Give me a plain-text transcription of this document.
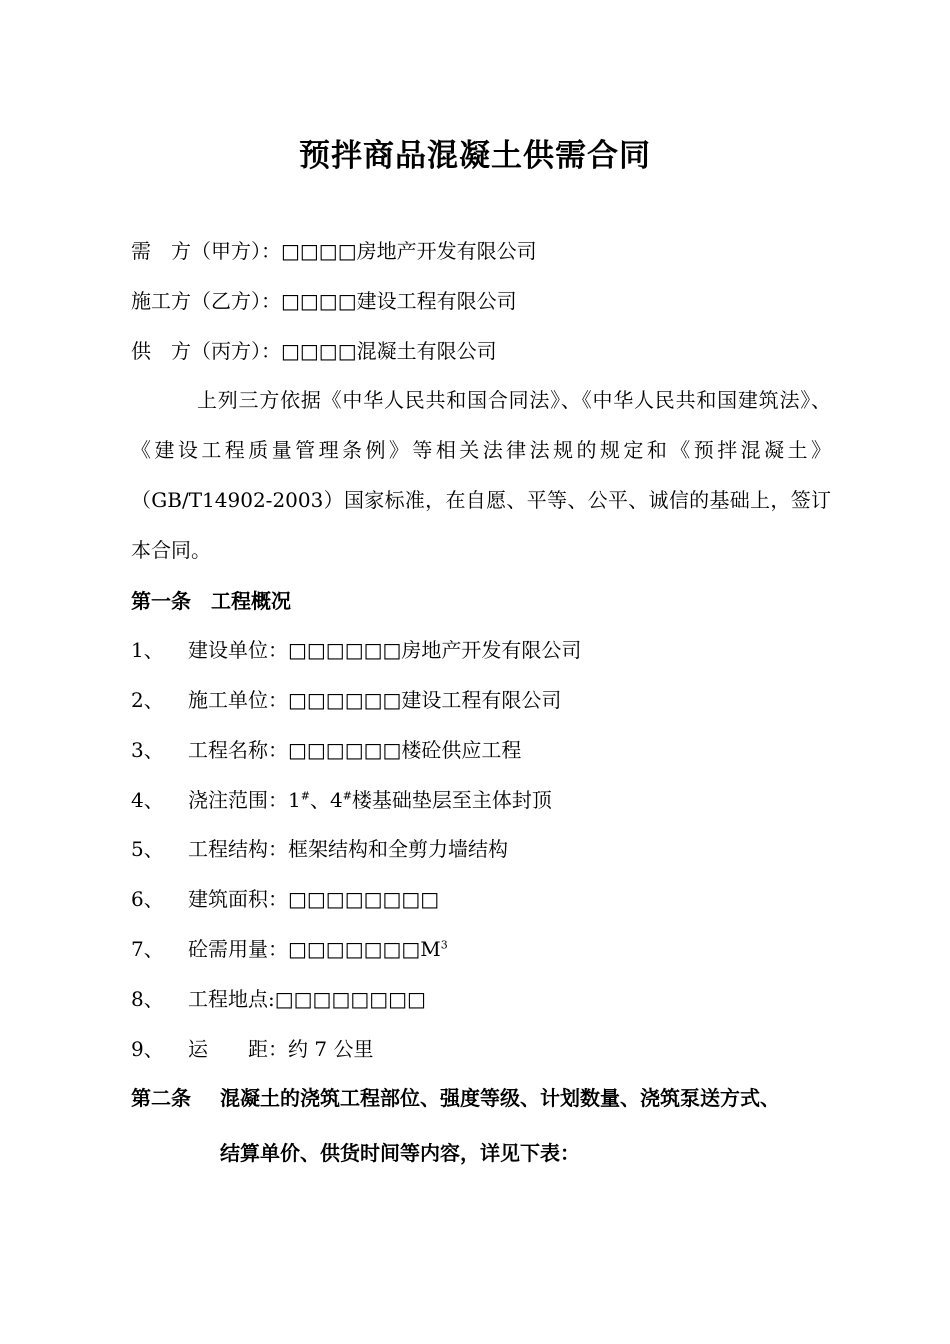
预拌商品混凝土供需合同
需　方（甲方）：□□□□房地产开发有限公司
施工方（乙方）：□□□□建设工程有限公司
供　方（丙方）：□□□□混凝土有限公司
上列三方依据《中华人民共和国合同法》、《中华人民共和国建筑法》、《建设工程质量管理条例》等相关法律法规的规定和《预拌混凝土》（GB/T14902-2003）国家标准，在自愿、平等、公平、诚信的基础上，签订本合同。
第一条　工程概况
1、 建设单位：□□□□□□房地产开发有限公司
2、 施工单位：□□□□□□建设工程有限公司
3、 工程名称：□□□□□□楼砼供应工程
4、 浇注范围：1#、4#楼基础垫层至主体封顶
5、 工程结构：框架结构和全剪力墙结构
6、 建筑面积：□□□□□□□□
7、 砼需用量：$□□□□□□□M^3$
8、 工程地点:□□□□□□□□
9、 运　　距：约 7 公里
第二条 混凝土的浇筑工程部位、强度等级、计划数量、浇筑泵送方式、
结算单价、供货时间等内容，详见下表：
